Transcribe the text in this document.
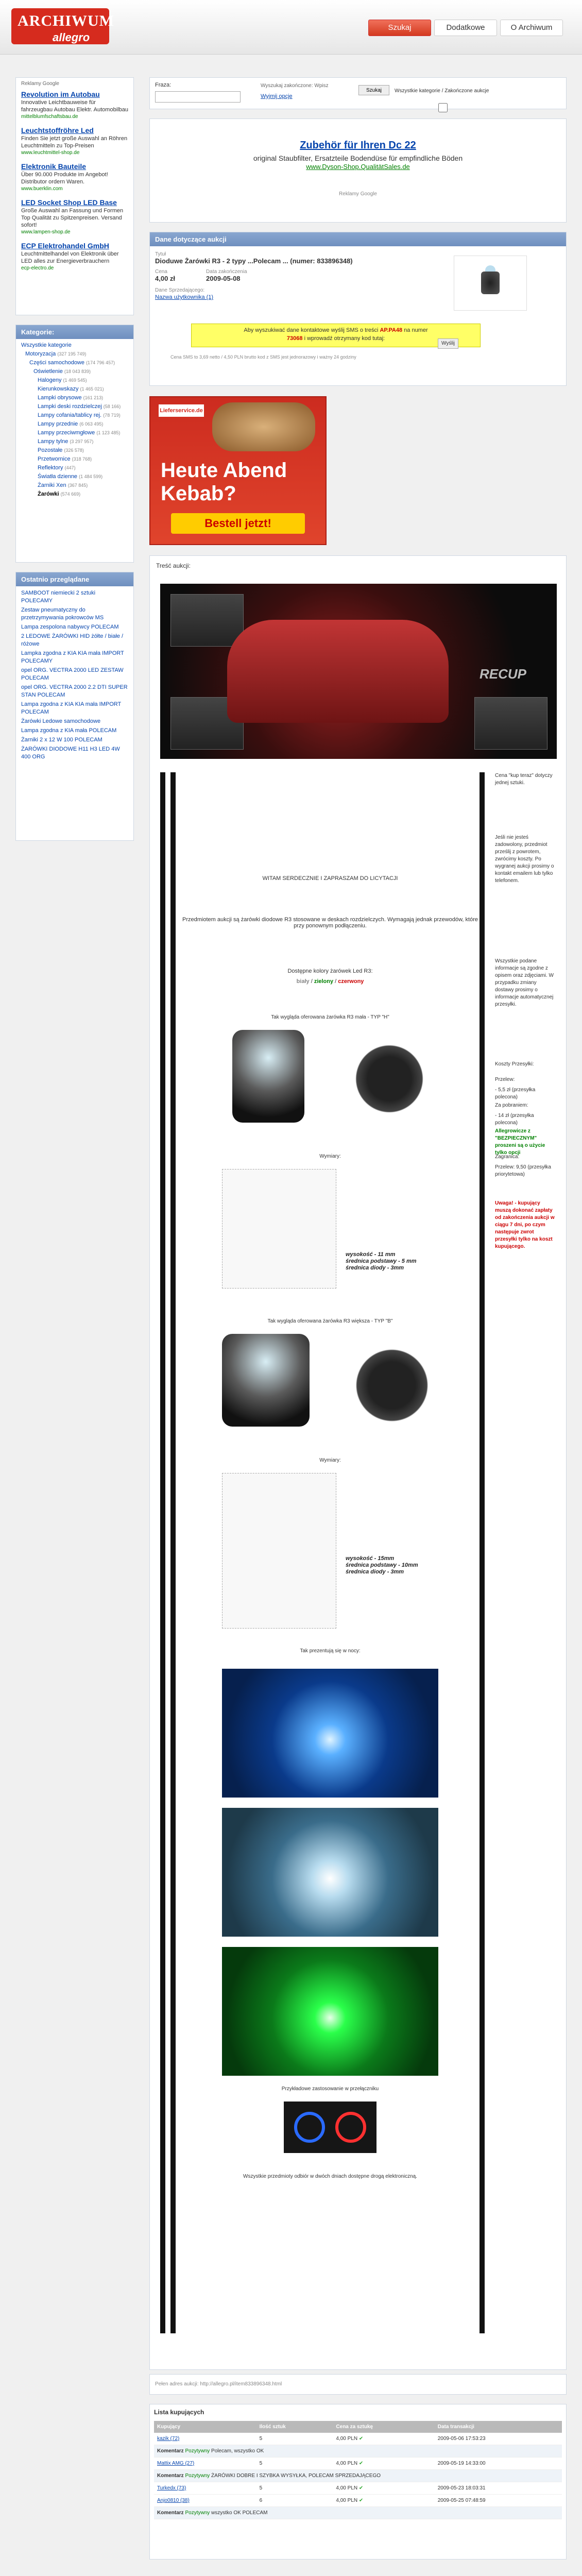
ARCHIWUM
allegro
Szukaj	Dodatkowe	O Archiwum
Reklamy Google
Revolution im Autobau
Innovative Leichtbauweise für fahrzeugbau Autobau Elektr. Automobilbau
mittelblumfschaftsbau.de
Leuchtstoffröhre Led
Finden Sie jetzt große Auswahl an Röhren Leuchtmitteln zu Top-Preisen
www.leuchtmittel-shop.de
Elektronik Bauteile
Über 90.000 Produkte im Angebot! Distributor ordern Waren.
www.buerklin.com
LED Socket Shop LED Base
Große Auswahl an Fassung und Formen Top Qualität zu Spitzenpreisen. Versand sofort!
www.lampen-shop.de
ECP Elektrohandel GmbH
Leuchtmittelhandel von Elektronik über LED alles zur Energieverbrauchern
ecp-electro.de
Kategorie:
Wszystkie kategorie
Motoryzacja (327 195 749)
Części samochodowe (174 796 457)
Oświetlenie (18 043 839)
Halogeny (1 469 545)
Kierunkowskazy (1 465 021)
Lampki obrysowe (161 213)
Lampki deski rozdzielczej (58 166)
Lampy cofania/tablicy rej. (78 719)
Lampy przednie (6 063 495)
Lampy przeciwmgłowe (1 123 485)
Lampy tylne (3 297 957)
Pozostałe (326 578)
Przetwornice (318 768)
Reflektory (447)
Światła dzienne (1 484 599)
Żarniki Xen (367 845)
Żarówki (574 669)
Ostatnio przeglądane
SAMBOOT niemiecki 2 sztuki POLECAMY
Zestaw pneumatyczny do przetrzymywania pokrowców MS
Lampa zespolona nabywcy POLECAM
2 LEDOWE ŻARÓWKI HID żółte / białe / różowe
Lampka zgodna z KIA KIA mała IMPORT POLECAMY
opel ORG. VECTRA 2000 LED ZESTAW POLECAM
opel ORG. VECTRA 2000 2.2 DTI SUPER STAN POLECAM
Lampa zgodna z KIA KIA mała IMPORT POLECAM
Żarówki Ledowe samochodowe
Lampa zgodna z KIA mała POLECAM
Żarniki 2 x 12 W 100 POLECAM
ŻARÓWKI DIODOWE H11 H3 LED 4W 400 ORG
Fraza:	Wyszukaj zakończone: Wpisz
Wyjmij opcje
Szukaj	Wszystkie kategorie / Zakończone aukcje
Zubehör für Ihren Dc 22
original Staubfilter, Ersatzteile Bodendüse für empfindliche Böden
www.Dyson-Shop.QualitätSales.de
Reklamy Google
Dane dotyczące aukcji
Tytuł
Dioduwe Żarówki R3 - 2 typy ...Polecam ... (numer: 833896348)
Cena
4,00 zł
Data zakończenia
2009-05-08
Dane Sprzedającego:
Nazwa użytkownika (1)
Aby wyszukiwać dane kontaktowe wyślij SMS o treści AP.PA48 na numer
73068 i wprowadź otrzymany kod tutaj:
Wyślij
Cena SMS to 3,69 netto / 4,50 PLN brutto kod z SMS jest jednorazowy i ważny 24 godziny
Lieferservice.de
Heute Abend
Kebab?
Bestell jetzt!
Treść aukcji:
RECUP
WITAM SERDECZNIE I ZAPRASZAM DO LICYTACJI
Przedmiotem aukcji są żarówki diodowe R3 stosowane w deskach rozdzielczych. Wymagają jednak przewodów, które przy ponownym podłączeniu.
Dostępne kolory żarówek Led R3:
biały / zielony / czerwony
Tak wygląda oferowana żarówka R3 mała - TYP "H"
Wymiary:
wysokość - 11 mm
średnica podstawy - 5 mm
średnica diody - 3mm
Tak wygląda oferowana żarówka R3 większa - TYP "B"
Wymiary:
wysokość - 15mm
średnica podstawy - 10mm
średnica diody - 3mm
Tak prezentują się w nocy:
Przykładowe zastosowanie w przełączniku
Wszystkie przedmioty odbiór w dwóch dniach dostępne drogą elektroniczną.

Cena "kup teraz" dotyczy jednej sztuki.

Jeśli nie jesteś zadowolony, przedmiot prześlij z powrotem, zwrócimy koszty. Po wygranej aukcji prosimy o kontakt emailem lub tylko telefonem.

Wszystkie podane informacje są zgodne z opisem oraz zdjęciami. W przypadku zmiany dostawy prosimy o informacje automatycznej przesyłki.

Koszty Przesyłki:

Przelew:

- 5,5 zł (przesyłka polecona)

Za pobraniem:

- 14 zł (przesyłka polecona)

Allegrowicze z "BEZPIECZNYM" proszeni są o użycie tylko opcji

Zagranica:

Przelew: 9,50 (przesyłka priorytetowa)

Uwaga! - kupujący muszą dokonać zapłaty od zakończenia aukcji w ciągu 7 dni, po czym następuje zwrot przesyłki tylko na koszt kupującego.

Pełen adres aukcji: http://allegro.pl/item833896348.html
Lista kupujących
Kupujący	Ilość sztuk	Cena za sztukę	Data transakcji
kazik (72)	5	4,00 PLN ✔	2009-05-06 17:53:23
Komentarz Pozytywny Polecam, wszystko OK			
Mattix AMG (27)	5	4,00 PLN ✔	2009-05-19 14:33:00
Komentarz Pozytywny ŻARÓWKI DOBRE I SZYBKA WYSYŁKA, POLECAM SPRZEDAJĄCEGO			
Turkedx (73)	5	4,00 PLN ✔	2009-05-23 18:03:31
Anjo0810 (38)	6	4,00 PLN ✔	2009-05-25 07:48:59
Komentarz Pozytywny wszystko OK POLECAM			
